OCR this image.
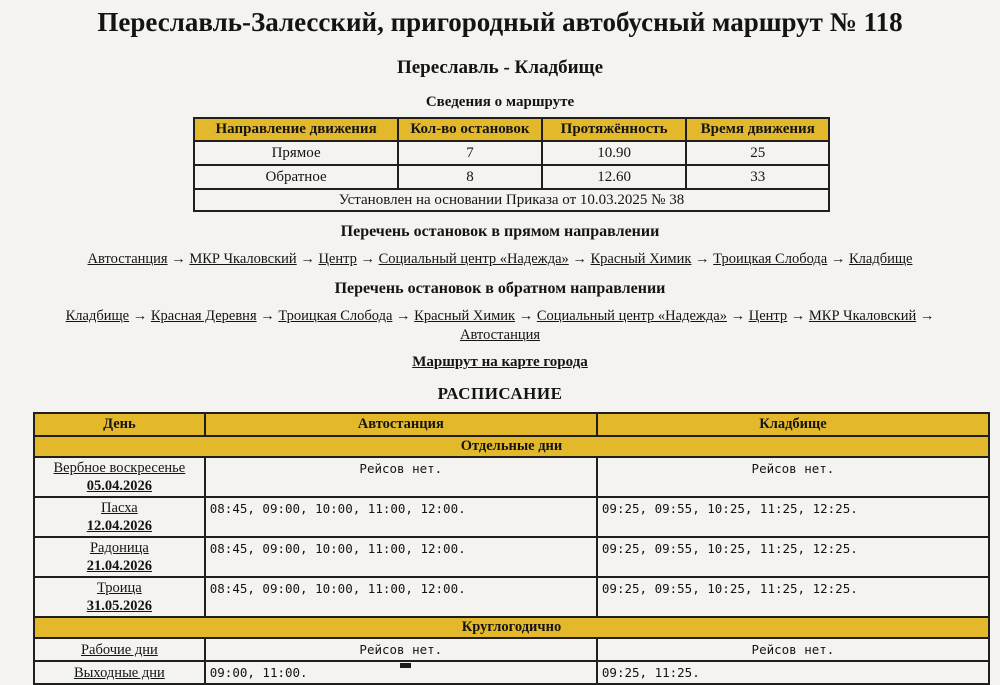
Переславль-Залесский, пригородный автобусный маршрут № 118
Переславль - Кладбище
Сведения о маршруте
Направление движения	Кол-во остановок	Протяжённость	Время движения
Прямое	7	10.90	25
Обратное	8	12.60	33
Установлен на основании Приказа от 10.03.2025 № 38			
Перечень остановок в прямом направлении

Автостанция → МКР Чкаловский → Центр → Социальный центр «Надежда» → Красный Химик → Троицкая Слобода → Кладбище

Перечень остановок в обратном направлении

Кладбище → Красная Деревня → Троицкая Слобода → Красный Химик → Социальный центр «Надежда» → Центр → МКР Чкаловский → Автостанция

Маршрут на карте города
РАСПИСАНИЕ
День	Автостанция	Кладбище
Отдельные дни		
Вербное воскресенье
05.04.2026	Рейсов нет.	Рейсов нет.
Пасха
12.04.2026	08:45, 09:00, 10:00, 11:00, 12:00.	09:25, 09:55, 10:25, 11:25, 12:25.
Радоница
21.04.2026	08:45, 09:00, 10:00, 11:00, 12:00.	09:25, 09:55, 10:25, 11:25, 12:25.
Троица
31.05.2026	08:45, 09:00, 10:00, 11:00, 12:00.	09:25, 09:55, 10:25, 11:25, 12:25.
Круглогодично		
Рабочие дни	Рейсов нет.	Рейсов нет.
Выходные дни	09:00, 11:00.	09:25, 11:25.
